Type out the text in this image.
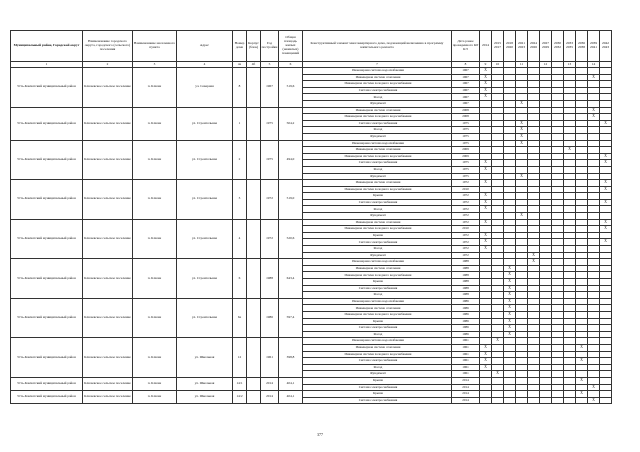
Муниципальный район, Городской округ	Наименование городского округа, городского (сельского) поселения	Наименование населенного пункта	Адрес	Номер дома	Корпус (блок)	Год постройки	Общая площадь жилых (нежилых) помещений	Конструктивный элемент многоквартирного дома, подлежащий включению в программу капитального ремонта	Дата ранее проведенного КР КЭ	2014	2015 2017	2018 2020	2021 2023	2024 2026	2027 2029	2030 2032	2033 2035	2036 2038	2039 2041	2042 2043
1	2	3	4	4а	4б	5	6	7	8	9	10		11		12		13		14	
Усть-Камчатский муниципальный район	Ключевское сельское поселение	п. Ключи	ул. Северная	8		1967	519,6	Инженерная система водоснабжения	1967	X										
								Инженерная система отопления	1967	X									X	
								Инженерная система холодного водоснабжения	1967	X										
								Система электроснабжения	1967	X										
								Фасад	1967	X										
								Фундамент	1967				X							
Усть-Камчатский муниципальный район	Ключевское сельское поселение	п. Ключи	ул. Строительная	1		1975	504,2	Инженерная система отопления	2008										X	
								Инженерная система холодного водоснабжения	2008										X	
								Система электроснабжения	1975				X							X
								Фасад	1975				X							
								Фундамент	1975				X							
Усть-Камчатский муниципальный район	Ключевское сельское поселение	п. Ключи	ул. Строительная	2		1975	494,0	Инженерная система водоснабжения	1975				X							
								Инженерная система отопления	2009								X			
								Инженерная система холодного водоснабжения	2009											X
								Система электроснабжения	1975	X										X
								Фасад	1975	X										
								Фундамент	1975				X							
Усть-Камчатский муниципальный район	Ключевское сельское поселение	п. Ключи	ул. Строительная	3		1972	519,0	Инженерная система отопления	1972	X										X
								Инженерная система холодного водоснабжения	2010											X
								Крыша	1972	X										
								Система электроснабжения	1972	X										X
								Фасад	1972	X										
								Фундамент	1972				X							
Усть-Камчатский муниципальный район	Ключевское сельское поселение	п. Ключи	ул. Строительная	4		1972	520,6	Инженерная система отопления	1972	X										X
								Инженерная система холодного водоснабжения	2010											X
								Крыша	1972	X										
								Система электроснабжения	1972	X										X
								Фасад	1972	X										
								Фундамент	1972					X						
Усть-Камчатский муниципальный район	Ключевское сельское поселение	п. Ключи	ул. Строительная	6		1988	643,4	Инженерная система водоснабжения	1988					X						
								Инженерная система отопления	1988			X								
								Инженерная система холодного водоснабжения	1988			X								
								Крыша	1988			X								
								Система электроснабжения	1988			X								
								Фасад	1988			X								
Усть-Камчатский муниципальный район	Ключевское сельское поселение	п. Ключи	ул. Строительная	6а		1986	597,4	Инженерная система водоснабжения	1986			X								
								Инженерная система отопления	1986			X								
								Инженерная система холодного водоснабжения	1986			X								
								Крыша	1986			X								
								Система электроснабжения	1986			X								
								Фасад	1986			X								
Усть-Камчатский муниципальный район	Ключевское сельское поселение	п. Ключи	ул. Школьная	12		1961	398,8	Инженерная система водоснабжения	1961		X									
								Инженерная система отопления	1961	X								X		
								Инженерная система холодного водоснабжения	1961	X										
								Система электроснабжения	1961	X								X		
								Фасад	1961	X										
								Фундамент	1961		X									
Усть-Камчатский муниципальный район	Ключевское сельское поселение	п. Ключи	ул. Школьная	14/1		2014	404,1	Крыша	2014									X		
								Система электроснабжения	2014										X	
Усть-Камчатский муниципальный район	Ключевское сельское поселение	п. Ключи	ул. Школьная	14/2		2014	404,1	Крыша	2014									X		
								Система электроснабжения	2014										X	
377
